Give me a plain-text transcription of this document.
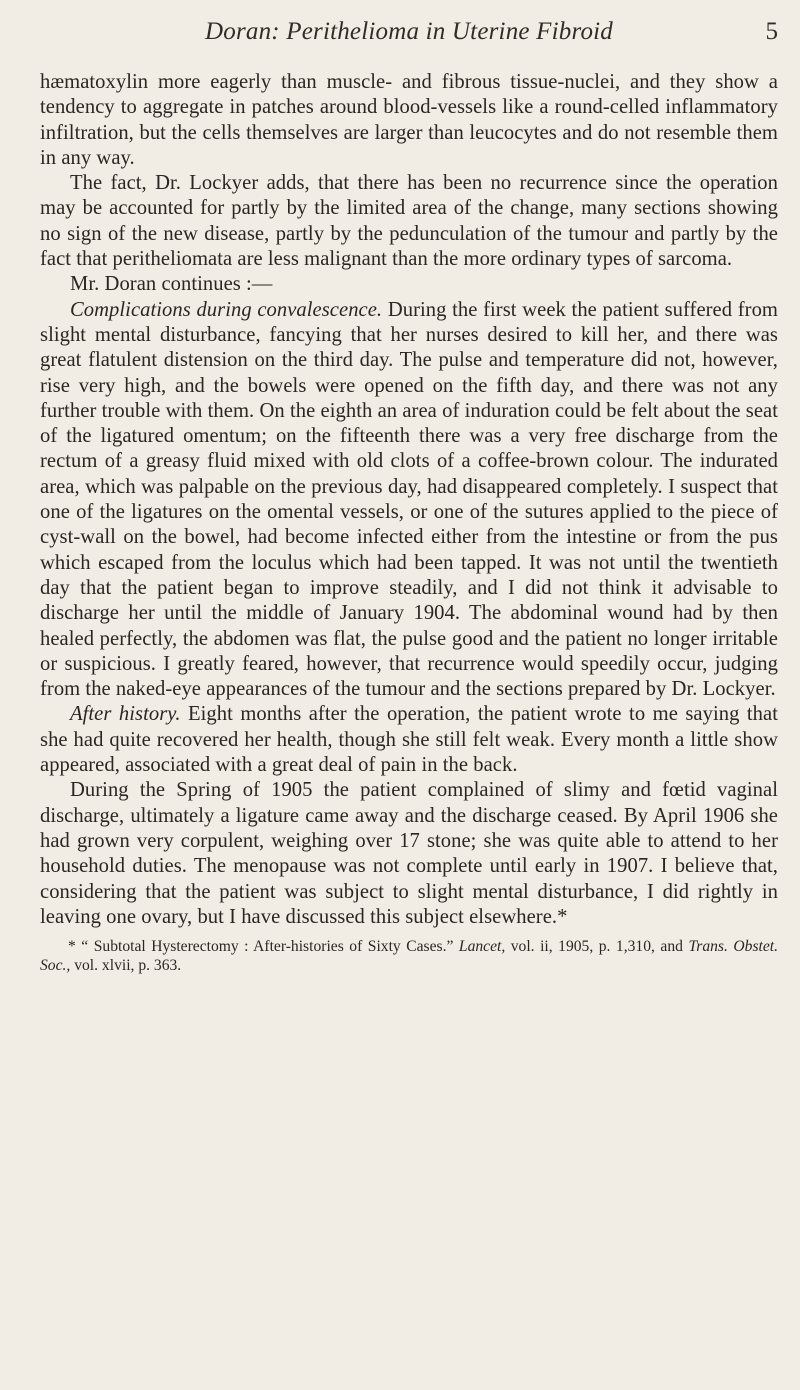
Doran: Perithelioma in Uterine Fibroid	5

hæmatoxylin more eagerly than muscle- and fibrous tissue-nuclei, and they show a tendency to aggregate in patches around blood-vessels like a round-celled inflammatory infiltration, but the cells themselves are larger than leucocytes and do not resemble them in any way.

The fact, Dr. Lockyer adds, that there has been no recurrence since the operation may be accounted for partly by the limited area of the change, many sections showing no sign of the new disease, partly by the pedunculation of the tumour and partly by the fact that peritheliomata are less malignant than the more ordinary types of sarcoma.

Mr. Doran continues :—

Complications during convalescence. During the first week the patient suffered from slight mental disturbance, fancying that her nurses desired to kill her, and there was great flatulent distension on the third day. The pulse and temperature did not, however, rise very high, and the bowels were opened on the fifth day, and there was not any further trouble with them. On the eighth an area of induration could be felt about the seat of the ligatured omentum; on the fifteenth there was a very free discharge from the rectum of a greasy fluid mixed with old clots of a coffee-brown colour. The indurated area, which was palpable on the previous day, had disappeared completely. I suspect that one of the ligatures on the omental vessels, or one of the sutures applied to the piece of cyst-wall on the bowel, had become infected either from the intestine or from the pus which escaped from the loculus which had been tapped. It was not until the twentieth day that the patient began to improve steadily, and I did not think it advisable to discharge her until the middle of January 1904. The abdominal wound had by then healed perfectly, the abdomen was flat, the pulse good and the patient no longer irritable or suspicious. I greatly feared, however, that recurrence would speedily occur, judging from the naked-eye appearances of the tumour and the sections prepared by Dr. Lockyer.

After history. Eight months after the operation, the patient wrote to me saying that she had quite recovered her health, though she still felt weak. Every month a little show appeared, associated with a great deal of pain in the back.

During the Spring of 1905 the patient complained of slimy and fœtid vaginal discharge, ultimately a ligature came away and the discharge ceased. By April 1906 she had grown very corpulent, weighing over 17 stone; she was quite able to attend to her household duties. The menopause was not complete until early in 1907. I believe that, considering that the patient was subject to slight mental disturbance, I did rightly in leaving one ovary, but I have discussed this subject elsewhere.*

* “ Subtotal Hysterectomy : After-histories of Sixty Cases.” Lancet, vol. ii, 1905, p. 1,310, and Trans. Obstet. Soc., vol. xlvii, p. 363.
